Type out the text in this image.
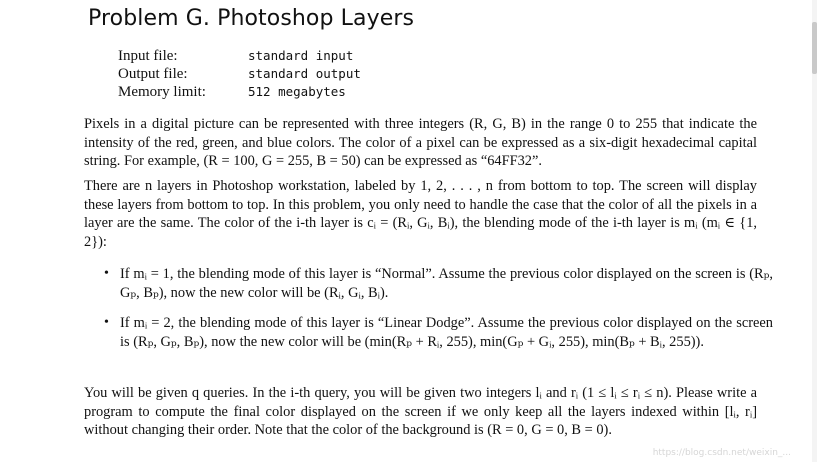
Problem G. Photoshop Layers
Input file:	standard input
Output file:	standard output
Memory limit:	512 megabytes

Pixels in a digital picture can be represented with three integers (R, G, B) in the range 0 to 255 that indicate the intensity of the red, green, and blue colors. The color of a pixel can be expressed as a six-digit hexadecimal capital string. For example, (R = 100, G = 255, B = 50) can be expressed as “64FF32”.

There are n layers in Photoshop workstation, labeled by 1, 2, . . . , n from bottom to top. The screen will display these layers from bottom to top. In this problem, you only need to handle the case that the color of all the pixels in a layer are the same. The color of the i-th layer is cᵢ = (Rᵢ, Gᵢ, Bᵢ), the blending mode of the i-th layer is mᵢ (mᵢ ∈ {1, 2}):

• If mᵢ = 1, the blending mode of this layer is “Normal”. Assume the previous color displayed on the screen is (Rₚ, Gₚ, Bₚ), now the new color will be (Rᵢ, Gᵢ, Bᵢ).
• If mᵢ = 2, the blending mode of this layer is “Linear Dodge”. Assume the previous color displayed on the screen is (Rₚ, Gₚ, Bₚ), now the new color will be (min(Rₚ + Rᵢ, 255), min(Gₚ + Gᵢ, 255), min(Bₚ + Bᵢ, 255)).

You will be given q queries. In the i-th query, you will be given two integers lᵢ and rᵢ (1 ≤ lᵢ ≤ rᵢ ≤ n). Please write a program to compute the final color displayed on the screen if we only keep all the layers indexed within [lᵢ, rᵢ] without changing their order. Note that the color of the background is (R = 0, G = 0, B = 0).

https://blog.csdn.net/weixin_...
